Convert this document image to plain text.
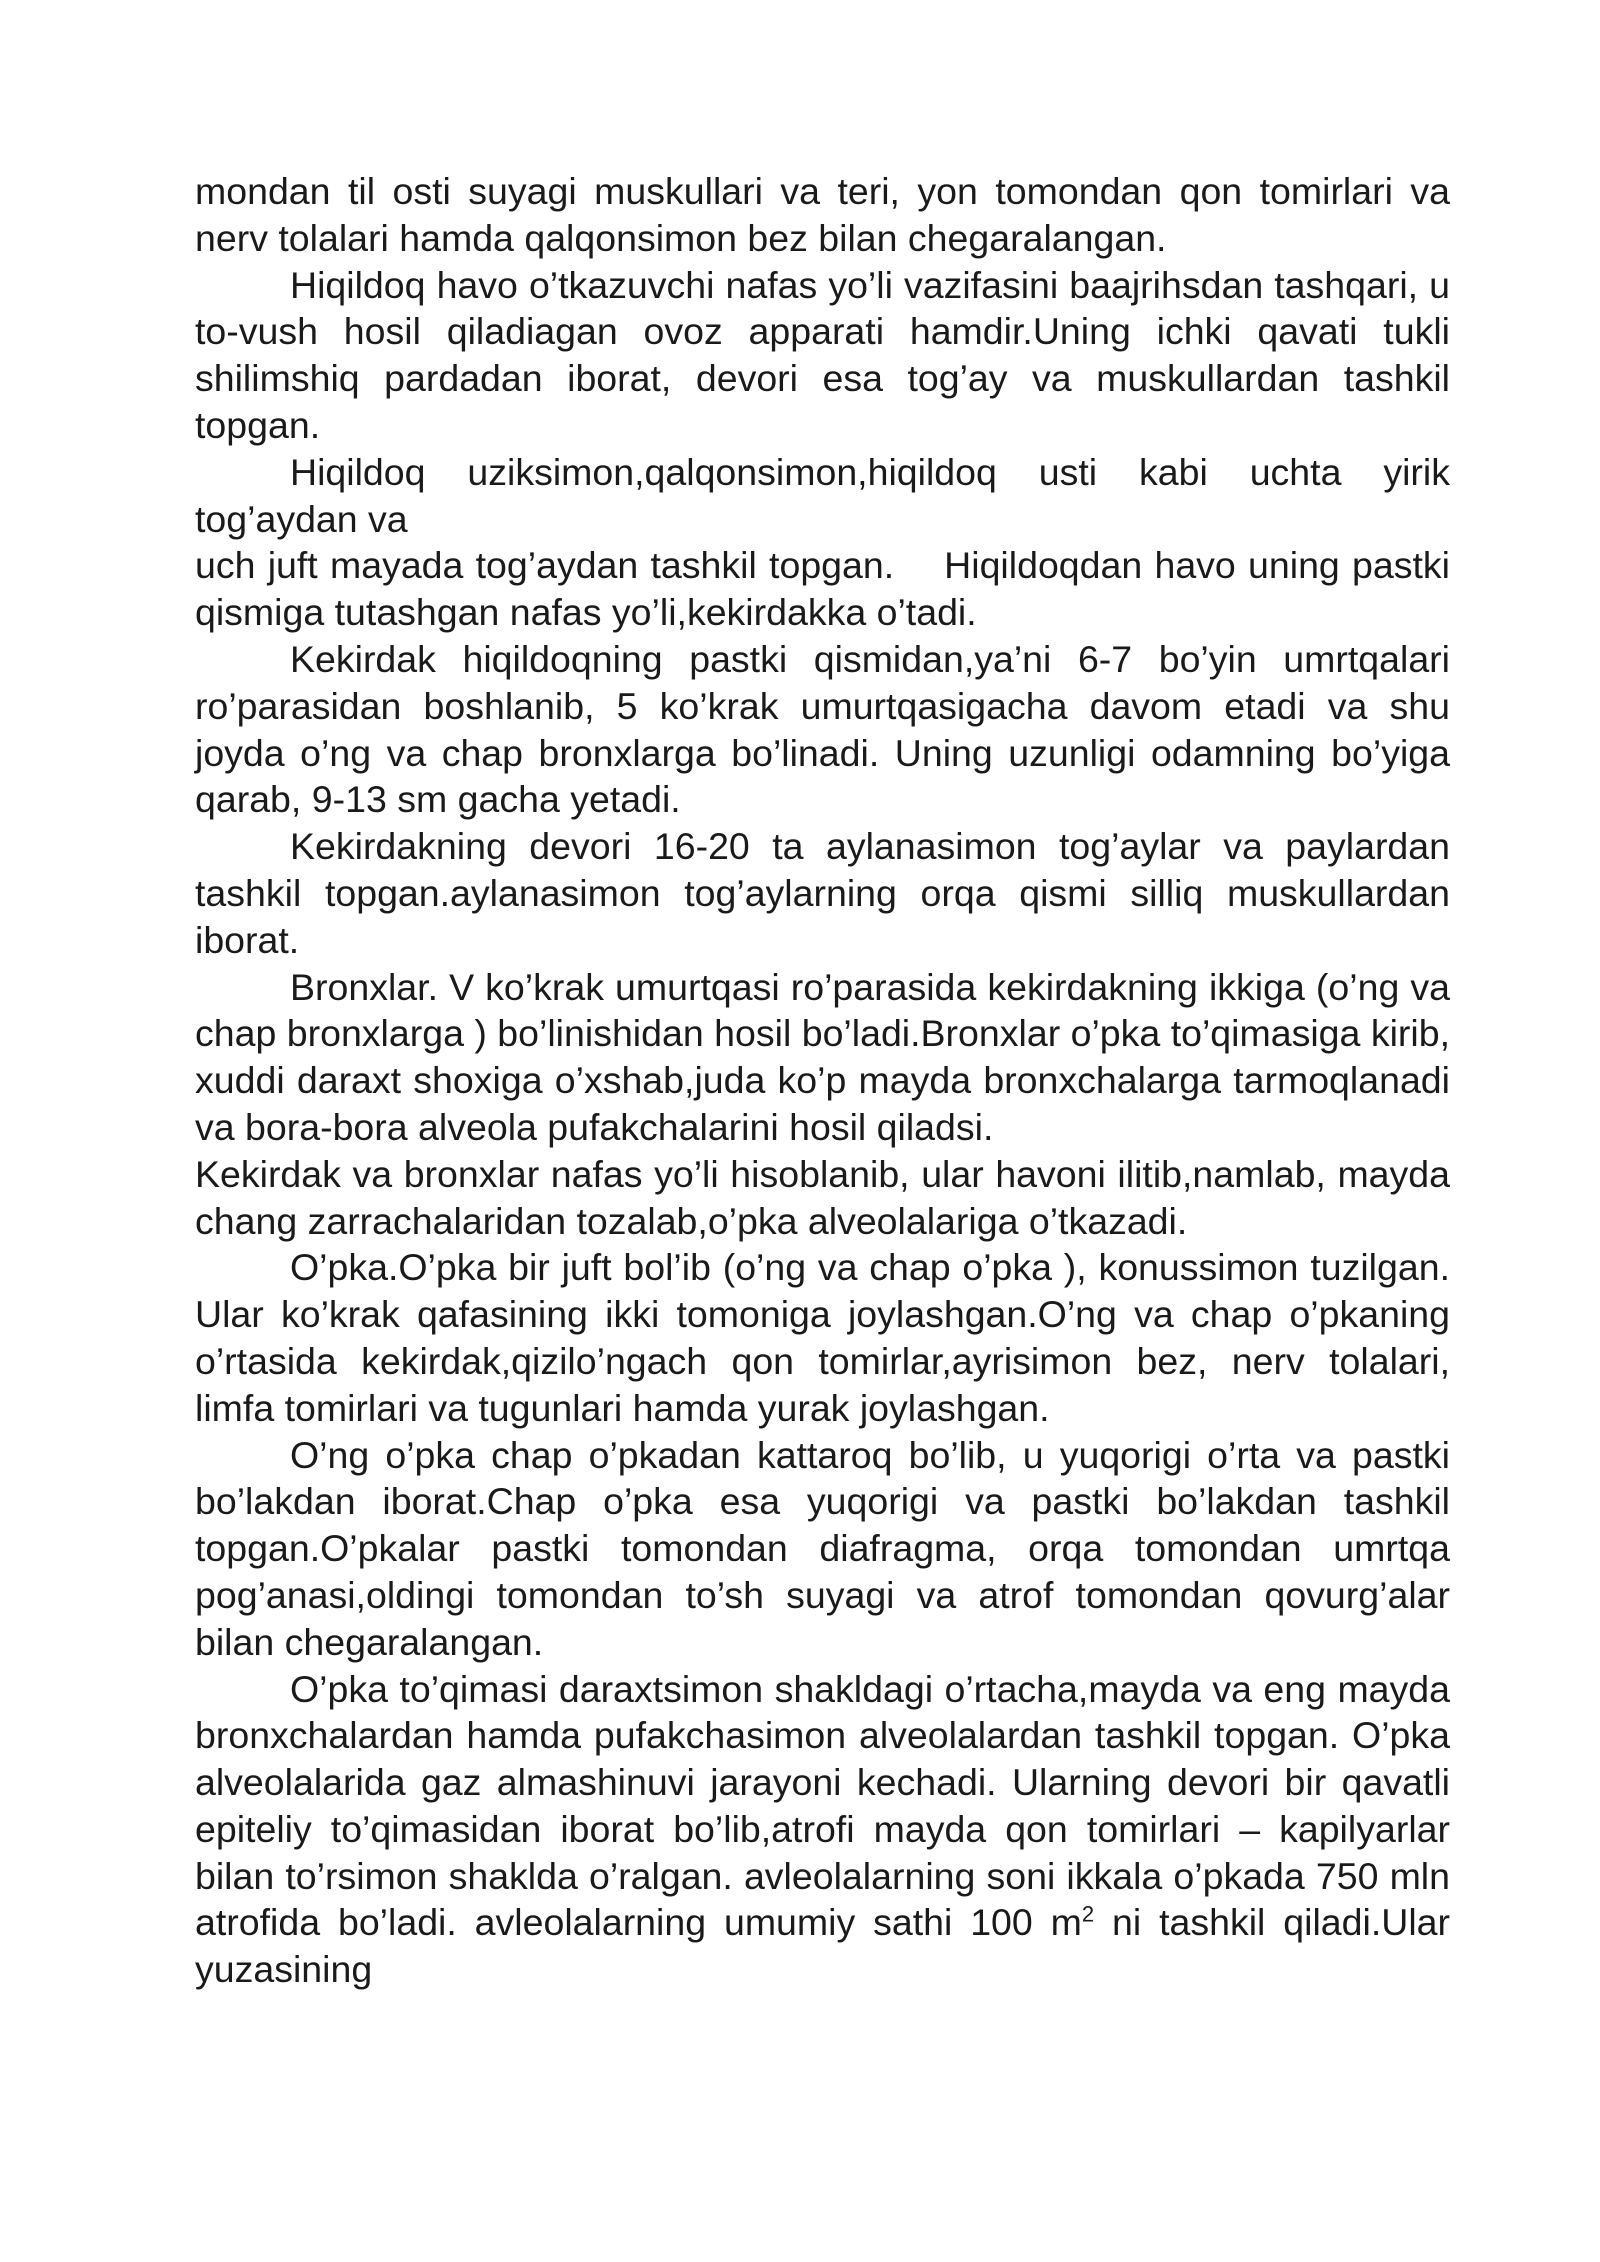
mondan til osti suyagi muskullari va teri, yon tomondan qon tomirlari va nerv tolalari hamda qalqonsimon bez bilan chegaralangan.

Hiqildoq havo o’tkazuvchi nafas yo’li vazifasini baajrihsdan tashqari, u to-vush hosil qiladiagan ovoz apparati hamdir.Uning ichki qavati tukli shilimshiq pardadan iborat, devori esa tog’ay va muskullardan tashkil topgan.

Hiqildoq uziksimon,qalqonsimon,hiqildoq usti kabi uchta yirik tog’aydan va

uch juft mayada tog’aydan tashkil topgan. Hiqildoqdan havo uning pastki qismiga tutashgan nafas yo’li,kekirdakka o’tadi.

Kekirdak hiqildoqning pastki qismidan,ya’ni 6-7 bo’yin umrtqalari ro’parasidan boshlanib, 5 ko’krak umurtqasigacha davom etadi va shu joyda o’ng va chap bronxlarga bo’linadi. Uning uzunligi odamning bo’yiga qarab, 9-13 sm gacha yetadi.

Kekirdakning devori 16-20 ta aylanasimon tog’aylar va paylardan tashkil topgan.aylanasimon tog’aylarning orqa qismi silliq muskullardan iborat.

Bronxlar. V ko’krak umurtqasi ro’parasida kekirdakning ikkiga (o’ng va chap bronxlarga ) bo’linishidan hosil bo’ladi.Bronxlar o’pka to’qimasiga kirib, xuddi daraxt shoxiga o’xshab,juda ko’p mayda bronxchalarga tarmoqlanadi va bora-bora alveola pufakchalarini hosil qiladsi.

Kekirdak va bronxlar nafas yo’li hisoblanib, ular havoni ilitib,namlab, mayda chang zarrachalaridan tozalab,o’pka alveolalariga o’tkazadi.

O’pka.O’pka bir juft bol’ib (o’ng va chap o’pka ), konussimon tuzilgan. Ular ko’krak qafasining ikki tomoniga joylashgan.O’ng va chap o’pkaning o’rtasida kekirdak,qizilo’ngach qon tomirlar,ayrisimon bez, nerv tolalari, limfa tomirlari va tugunlari hamda yurak joylashgan.

O’ng o’pka chap o’pkadan kattaroq bo’lib, u yuqorigi o’rta va pastki bo’lakdan iborat.Chap o’pka esa yuqorigi va pastki bo’lakdan tashkil topgan.O’pkalar pastki tomondan diafragma, orqa tomondan umrtqa pog’anasi,oldingi tomondan to’sh suyagi va atrof tomondan qovurg’alar bilan chegaralangan.

O’pka to’qimasi daraxtsimon shakldagi o’rtacha,mayda va eng mayda bronxchalardan hamda pufakchasimon alveolalardan tashkil topgan. O’pka alveolalarida gaz almashinuvi jarayoni kechadi. Ularning devori bir qavatli epiteliy to’qimasidan iborat bo’lib,atrofi mayda qon tomirlari – kapilyarlar bilan to’rsimon shaklda o’ralgan. avleolalarning soni ikkala o’pkada 750 mln atrofida bo’ladi. avleolalarning umumiy sathi 100 $m^2$ ni tashkil qiladi.Ular yuzasining
